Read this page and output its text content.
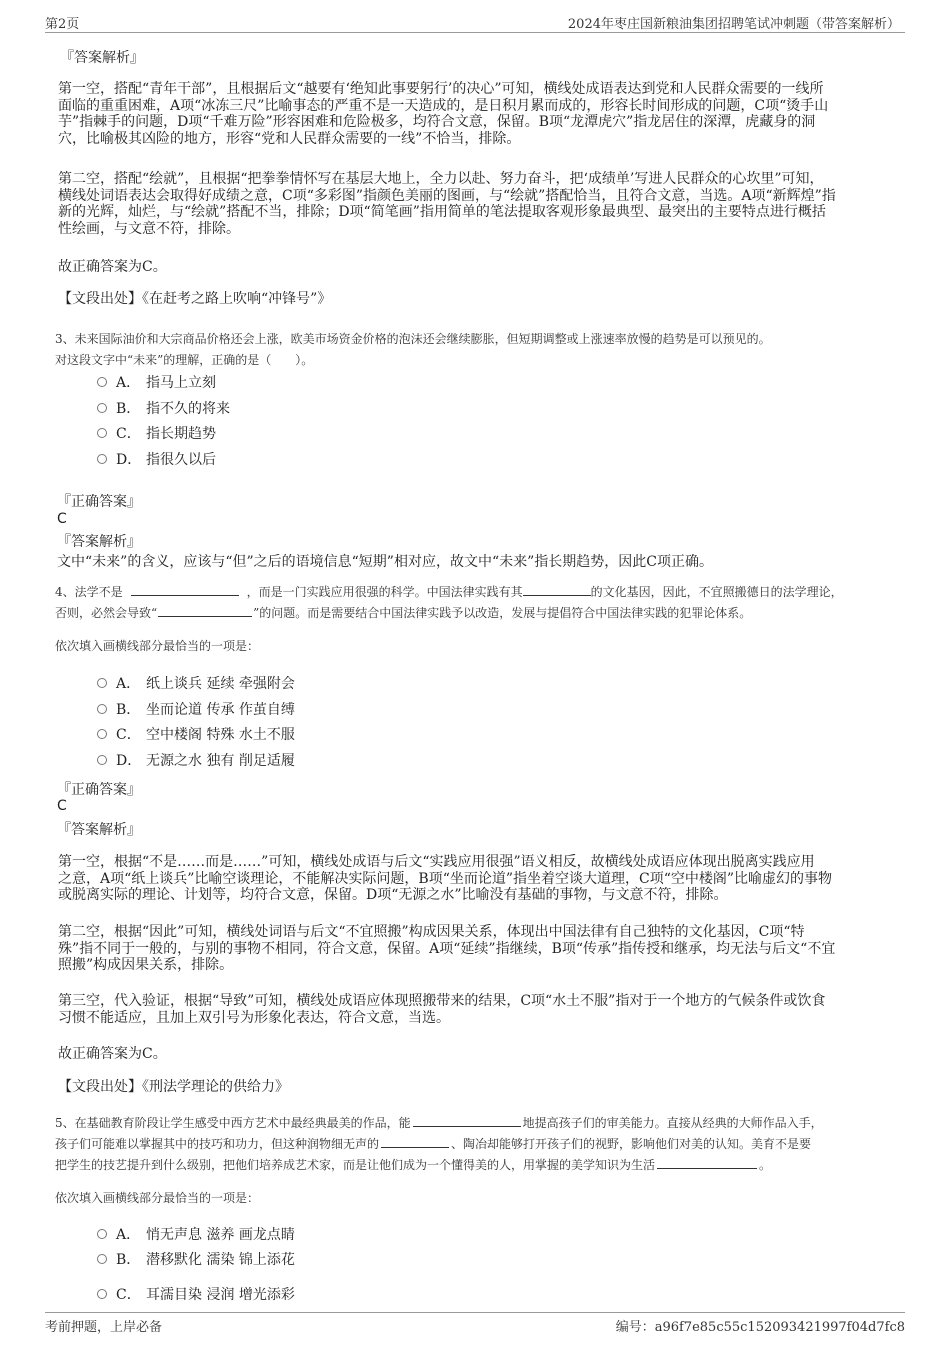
第2页	2024年枣庄国新粮油集团招聘笔试冲刺题（带答案解析）
『答案解析』
第一空，搭配“青年干部”，且根据后文“越要有‘绝知此事要躬行’的决心”可知，横线处成语表达到党和人民群众需要的一线所
面临的重重困难，A项“冰冻三尺”比喻事态的严重不是一天造成的，是日积月累而成的，形容长时间形成的问题，C项“烫手山
芋”指棘手的问题，D项“千难万险”形容困难和危险极多，均符合文意，保留。B项“龙潭虎穴”指龙居住的深潭，虎藏身的洞
穴，比喻极其凶险的地方，形容“党和人民群众需要的一线”不恰当，排除。
第二空，搭配“绘就”，且根据“把拳拳情怀写在基层大地上，全力以赴、努力奋斗，把‘成绩单’写进人民群众的心坎里”可知，
横线处词语表达会取得好成绩之意，C项“多彩图”指颜色美丽的图画，与“绘就”搭配恰当，且符合文意，当选。A项“新辉煌”指
新的光辉，灿烂，与“绘就”搭配不当，排除；D项“简笔画”指用简单的笔法提取客观形象最典型、最突出的主要特点进行概括
性绘画，与文意不符，排除。
故正确答案为C。
【文段出处】《在赶考之路上吹响“冲锋号”》
3、未来国际油价和大宗商品价格还会上涨，欧美市场资金价格的泡沫还会继续膨胀，但短期调整或上涨速率放慢的趋势是可以预见的。
对这段文字中“未来”的理解，正确的是（　　）。
A． 指马上立刻
B． 指不久的将来
C． 指长期趋势
D． 指很久以后
『正确答案』
C
『答案解析』
文中“未来”的含义，应该与“但”之后的语境信息“短期”相对应，故文中“未来”指长期趋势，因此C项正确。
4、法学不是	，而是一门实践应用很强的科学。中国法律实践有其	的文化基因，因此，不宜照搬德日的法学理论，
否则，必然会导致“	”的问题。而是需要结合中国法律实践予以改造，发展与提倡符合中国法律实践的犯罪论体系。
依次填入画横线部分最恰当的一项是：
A． 纸上谈兵 延续 牵强附会
B． 坐而论道 传承 作茧自缚
C． 空中楼阁 特殊 水土不服
D． 无源之水 独有 削足适履
『正确答案』
C
『答案解析』
第一空，根据“不是……而是……”可知，横线处成语与后文“实践应用很强”语义相反，故横线处成语应体现出脱离实践应用
之意，A项“纸上谈兵”比喻空谈理论，不能解决实际问题，B项“坐而论道”指坐着空谈大道理，C项“空中楼阁”比喻虚幻的事物
或脱离实际的理论、计划等，均符合文意，保留。D项“无源之水”比喻没有基础的事物，与文意不符，排除。
第二空，根据“因此”可知，横线处词语与后文“不宜照搬”构成因果关系，体现出中国法律有自己独特的文化基因，C项“特
殊”指不同于一般的，与别的事物不相同，符合文意，保留。A项“延续”指继续，B项“传承”指传授和继承，均无法与后文“不宜
照搬”构成因果关系，排除。
第三空，代入验证，根据“导致”可知，横线处成语应体现照搬带来的结果，C项“水土不服”指对于一个地方的气候条件或饮食
习惯不能适应，且加上双引号为形象化表达，符合文意，当选。
故正确答案为C。
【文段出处】《刑法学理论的供给力》
5、在基础教育阶段让学生感受中西方艺术中最经典最美的作品，能	地提高孩子们的审美能力。直接从经典的大师作品入手，
孩子们可能难以掌握其中的技巧和功力，但这种润物细无声的	、陶冶却能够打开孩子们的视野，影响他们对美的认知。美育不是要
把学生的技艺提升到什么级别，把他们培养成艺术家，而是让他们成为一个懂得美的人，用掌握的美学知识为生活	。
依次填入画横线部分最恰当的一项是：
A． 悄无声息 滋养 画龙点睛
B． 潜移默化 濡染 锦上添花
C． 耳濡目染 浸润 增光添彩
考前押题，上岸必备	编号：a96f7e85c55c152093421997f04d7fc8
